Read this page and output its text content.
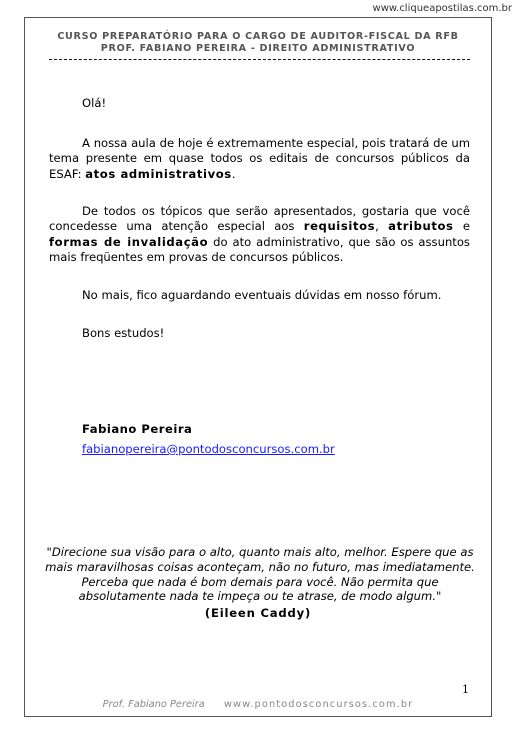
www.cliqueapostilas.com.br
CURSO PREPARATÓRIO PARA O CARGO DE AUDITOR-FISCAL DA RFB
PROF. FABIANO PEREIRA - DIREITO ADMINISTRATIVO

Olá!

A nossa aula de hoje é extremamente especial, pois tratará de um tema presente em quase todos os editais de concursos públicos da ESAF: atos administrativos.

De todos os tópicos que serão apresentados, gostaria que você concedesse uma atenção especial aos requisitos, atributos e formas de invalidação do ato administrativo, que são os assuntos mais freqüentes em provas de concursos públicos.

No mais, fico aguardando eventuais dúvidas em nosso fórum.

Bons estudos!

Fabiano Pereira

fabianopereira@pontodosconcursos.com.br

"Direcione sua visão para o alto, quanto mais alto, melhor. Espere que as mais maravilhosas coisas aconteçam, não no futuro, mas imediatamente. Perceba que nada é bom demais para você. Não permita que absolutamente nada te impeça ou te atrase, de modo algum."
(Eileen Caddy)
1
Prof. Fabiano Pereira www.pontodosconcursos.com.br
